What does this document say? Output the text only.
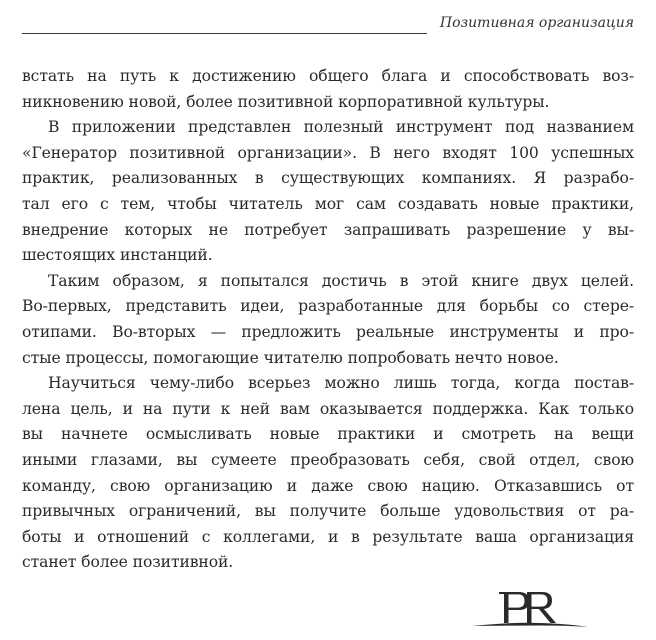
Позитивная организация
встать на путь к достижению общего блага и способствовать воз-
никновению новой, более позитивной корпоративной культуры.
В приложении представлен полезный инструмент под названием
«Генератор позитивной организации». В него входят 100 успешных
практик, реализованных в существующих компаниях. Я разрабо-
тал его с тем, чтобы читатель мог сам создавать новые практики,
внедрение которых не потребует запрашивать разрешение у вы-
шестоящих инстанций.
Таким образом, я попытался достичь в этой книге двух целей.
Во-первых, представить идеи, разработанные для борьбы со стере-
отипами. Во-вторых — предложить реальные инструменты и про-
стые процессы, помогающие читателю попробовать нечто новое.
Научиться чему-либо всерьез можно лишь тогда, когда постав-
лена цель, и на пути к ней вам оказывается поддержка. Как только
вы начнете осмысливать новые практики и смотреть на вещи
иными глазами, вы сумеете преобразовать себя, свой отдел, свою
команду, свою организацию и даже свою нацию. Отказавшись от
привычных ограничений, вы получите больше удовольствия от ра-
боты и отношений с коллегами, и в результате ваша организация
станет более позитивной.
